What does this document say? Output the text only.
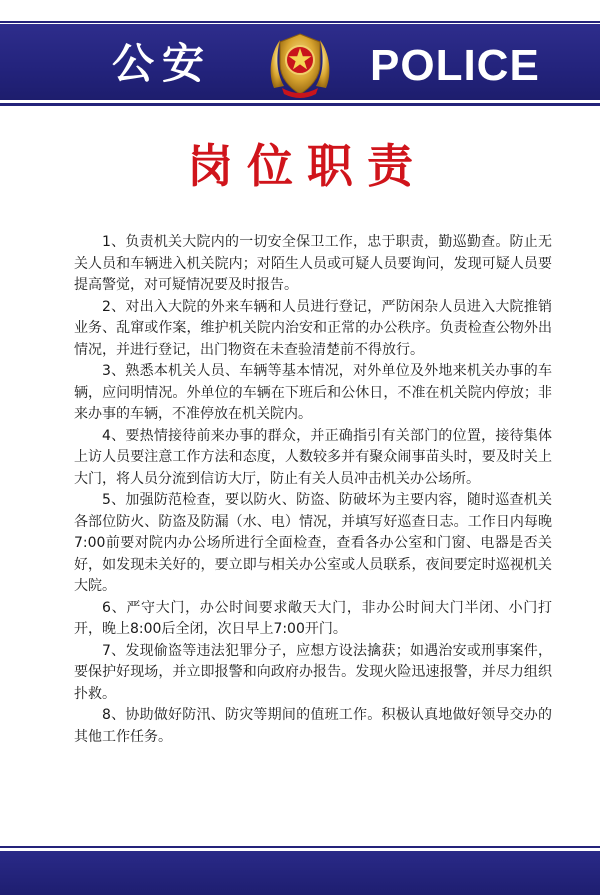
公安	POLICE
岗位职责

1、负责机关大院内的一切安全保卫工作，忠于职责，勤巡勤查。防止无关人员和车辆进入机关院内；对陌生人员或可疑人员要询问，发现可疑人员要提高警觉，对可疑情况要及时报告。

2、对出入大院的外来车辆和人员进行登记，严防闲杂人员进入大院推销业务、乱窜或作案，维护机关院内治安和正常的办公秩序。负责检查公物外出情况，并进行登记，出门物资在未查验清楚前不得放行。

3、熟悉本机关人员、车辆等基本情况，对外单位及外地来机关办事的车辆，应问明情况。外单位的车辆在下班后和公休日，不准在机关院内停放；非来办事的车辆，不准停放在机关院内。

4、要热情接待前来办事的群众，并正确指引有关部门的位置，接待集体上访人员要注意工作方法和态度，人数较多并有聚众闹事苗头时，要及时关上大门，将人员分流到信访大厅，防止有关人员冲击机关办公场所。

5、加强防范检查，要以防火、防盗、防破坏为主要内容，随时巡查机关各部位防火、防盗及防漏（水、电）情况，并填写好巡查日志。工作日内每晚7:00前要对院内办公场所进行全面检查，查看各办公室和门窗、电器是否关好，如发现未关好的，要立即与相关办公室或人员联系，夜间要定时巡视机关大院。

6、严守大门，办公时间要求敞天大门，非办公时间大门半闭、小门打开，晚上8:00后全闭，次日早上7:00开门。

7、发现偷盗等违法犯罪分子，应想方设法擒获；如遇治安或刑事案件，要保护好现场，并立即报警和向政府办报告。发现火险迅速报警，并尽力组织扑救。

8、协助做好防汛、防灾等期间的值班工作。积极认真地做好领导交办的其他工作任务。
